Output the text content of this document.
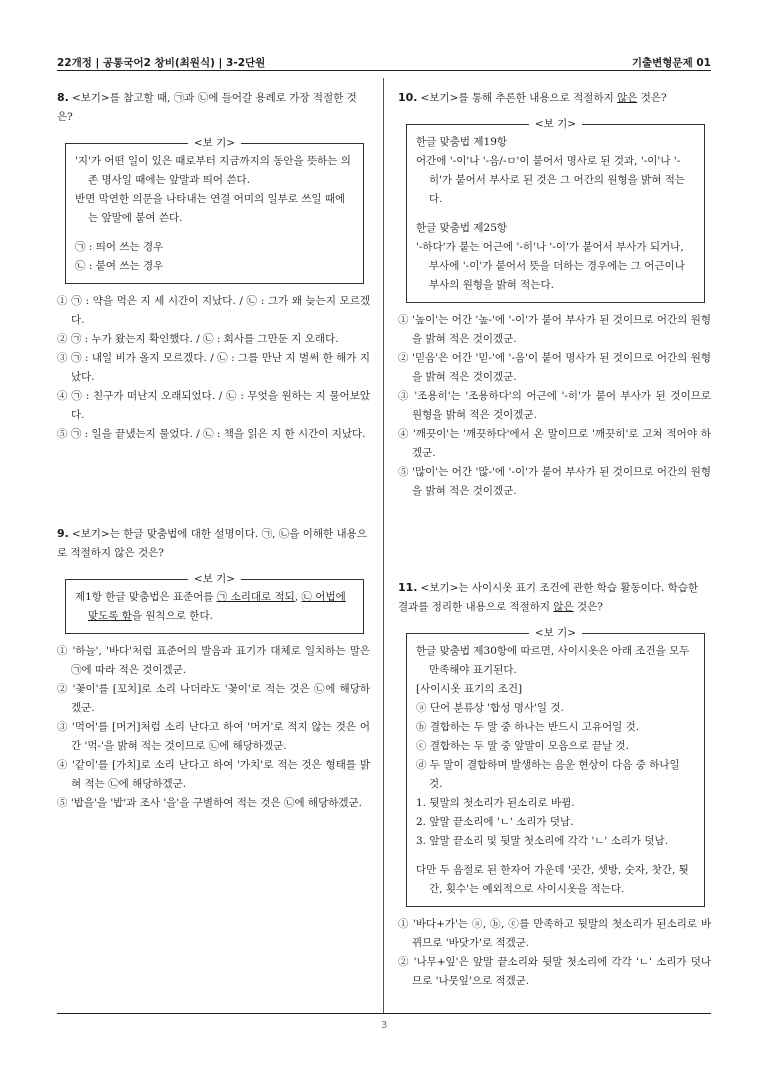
22개정 | 공통국어2 창비(최원식) | 3-2단원	기출변형문제 01

8. <보기>를 참고할 때, ㉠과 ㉡에 들어갈 용례로 가장 적절한 것은?

<보 기>

'지'가 어떤 일이 있은 때로부터 지금까지의 동안을 뜻하는 의존 명사일 때에는 앞말과 띄어 쓴다.

반면 막연한 의문을 나타내는 연결 어미의 일부로 쓰일 때에는 앞말에 붙여 쓴다.

㉠ : 띄어 쓰는 경우

㉡ : 붙여 쓰는 경우

① ㉠ : 약을 먹은 지 세 시간이 지났다. / ㉡ : 그가 왜 늦는지 모르겠다.

② ㉠ : 누가 왔는지 확인했다. / ㉡ : 회사를 그만둔 지 오래다.

③ ㉠ : 내일 비가 올지 모르겠다. / ㉡ : 그를 만난 지 벌써 한 해가 지났다.

④ ㉠ : 친구가 떠난지 오래되었다. / ㉡ : 무엇을 원하는 지 물어보았다.

⑤ ㉠ : 일을 끝냈는지 물었다. / ㉡ : 책을 읽은 지 한 시간이 지났다.

9. <보기>는 한글 맞춤법에 대한 설명이다. ㉠, ㉡을 이해한 내용으로 적절하지 않은 것은?

<보 기>

제1항 한글 맞춤법은 표준어를 ㉠ 소리대로 적되, ㉡ 어법에 맞도록 함을 원칙으로 한다.

① '하늘', '바다'처럼 표준어의 발음과 표기가 대체로 일치하는 말은 ㉠에 따라 적은 것이겠군.

② '꽃이'를 [꼬치]로 소리 나더라도 '꽃이'로 적는 것은 ㉡에 해당하겠군.

③ '먹어'를 [머거]처럼 소리 난다고 하여 '머거'로 적지 않는 것은 어간 '먹-'을 밝혀 적는 것이므로 ㉡에 해당하겠군.

④ '같이'를 [가치]로 소리 난다고 하여 '가치'로 적는 것은 형태를 밝혀 적는 ㉡에 해당하겠군.

⑤ '밥을'을 '밥'과 조사 '을'을 구별하여 적는 것은 ㉡에 해당하겠군.

10. <보기>를 통해 추론한 내용으로 적절하지 않은 것은?

<보 기>

한글 맞춤법 제19항

어간에 '-이'나 '-음/-ㅁ'이 붙어서 명사로 된 것과, '-이'나 '-히'가 붙어서 부사로 된 것은 그 어간의 원형을 밝혀 적는다.

한글 맞춤법 제25항

'-하다'가 붙는 어근에 '-히'나 '-이'가 붙어서 부사가 되거나, 부사에 '-이'가 붙어서 뜻을 더하는 경우에는 그 어근이나 부사의 원형을 밝혀 적는다.

① '높이'는 어간 '높-'에 '-이'가 붙어 부사가 된 것이므로 어간의 원형을 밝혀 적은 것이겠군.

② '믿음'은 어간 '믿-'에 '-음'이 붙어 명사가 된 것이므로 어간의 원형을 밝혀 적은 것이겠군.

③ '조용히'는 '조용하다'의 어근에 '-히'가 붙어 부사가 된 것이므로 원형을 밝혀 적은 것이겠군.

④ '깨끗이'는 '깨끗하다'에서 온 말이므로 '깨끗히'로 고쳐 적어야 하겠군.

⑤ '많이'는 어간 '많-'에 '-이'가 붙어 부사가 된 것이므로 어간의 원형을 밝혀 적은 것이겠군.

11. <보기>는 사이시옷 표기 조건에 관한 학습 활동이다. 학습한 결과를 정리한 내용으로 적절하지 않은 것은?

<보 기>

한글 맞춤법 제30항에 따르면, 사이시옷은 아래 조건을 모두 만족해야 표기된다.

[사이시옷 표기의 조건]

ⓐ 단어 분류상 '합성 명사'일 것.

ⓑ 결합하는 두 말 중 하나는 반드시 고유어일 것.

ⓒ 결합하는 두 말 중 앞말이 모음으로 끝날 것.

ⓓ 두 말이 결합하며 발생하는 음운 현상이 다음 중 하나일 것.

1. 뒷말의 첫소리가 된소리로 바뀜.

2. 앞말 끝소리에 'ㄴ' 소리가 덧남.

3. 앞말 끝소리 및 뒷말 첫소리에 각각 'ㄴ' 소리가 덧남.

다만 두 음절로 된 한자어 가운데 '곳간, 셋방, 숫자, 찻간, 툇간, 횟수'는 예외적으로 사이시옷을 적는다.

① '바다+가'는 ⓐ, ⓑ, ⓒ를 만족하고 뒷말의 첫소리가 된소리로 바뀌므로 '바닷가'로 적겠군.

② '나무+잎'은 앞말 끝소리와 뒷말 첫소리에 각각 'ㄴ' 소리가 덧나므로 '나뭇잎'으로 적겠군.

3
